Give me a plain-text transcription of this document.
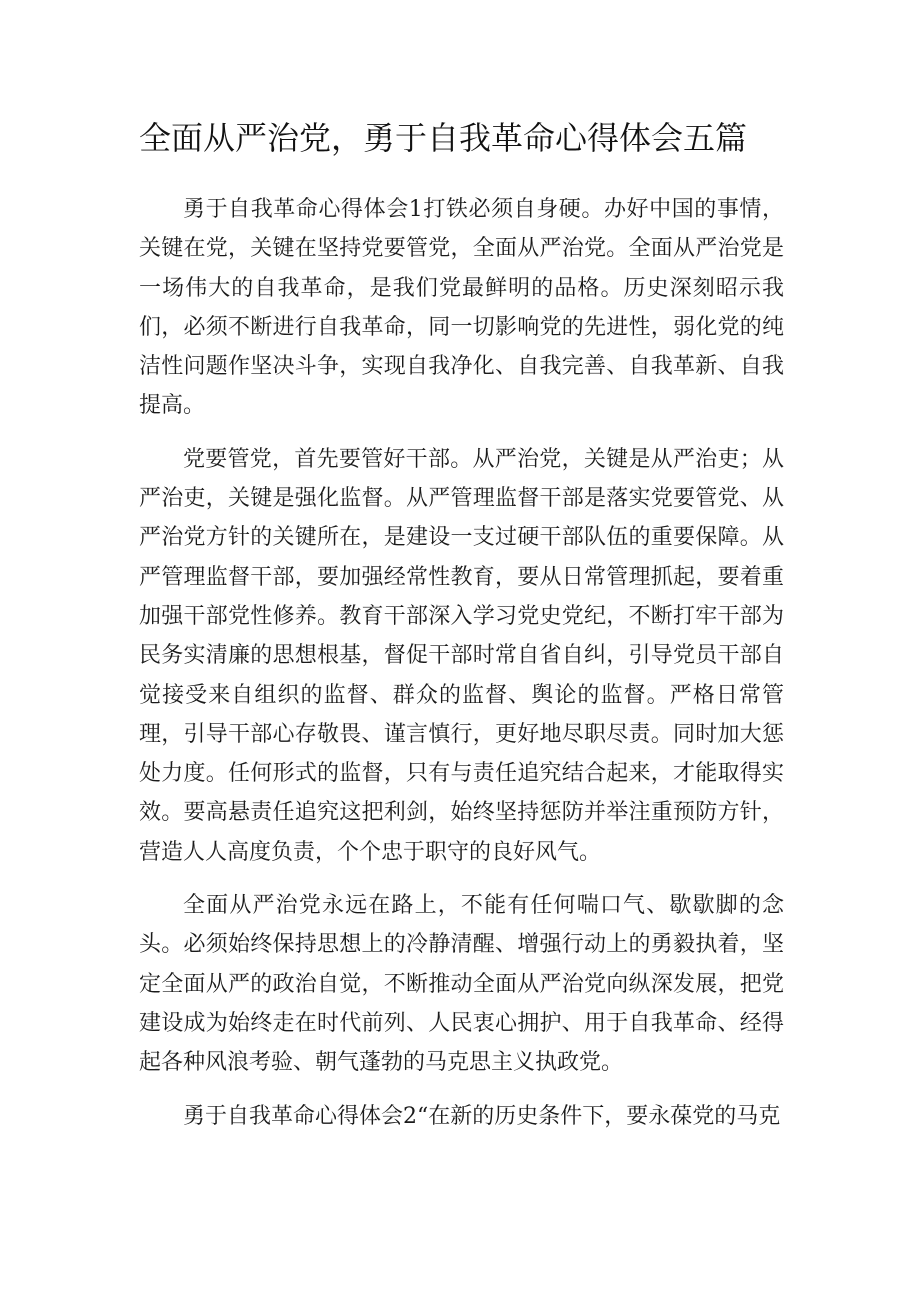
全面从严治党，勇于自我革命心得体会五篇

勇于自我革命心得体会1打铁必须自身硬。办好中国的事情，关键在党，关键在坚持党要管党，全面从严治党。全面从严治党是一场伟大的自我革命，是我们党最鲜明的品格。历史深刻昭示我们，必须不断进行自我革命，同一切影响党的先进性，弱化党的纯洁性问题作坚决斗争，实现自我净化、自我完善、自我革新、自我提高。

党要管党，首先要管好干部。从严治党，关键是从严治吏；从严治吏，关键是强化监督。从严管理监督干部是落实党要管党、从严治党方针的关键所在，是建设一支过硬干部队伍的重要保障。从严管理监督干部，要加强经常性教育，要从日常管理抓起，要着重加强干部党性修养。教育干部深入学习党史党纪，不断打牢干部为民务实清廉的思想根基，督促干部时常自省自纠，引导党员干部自觉接受来自组织的监督、群众的监督、舆论的监督。严格日常管理，引导干部心存敬畏、谨言慎行，更好地尽职尽责。同时加大惩处力度。任何形式的监督，只有与责任追究结合起来，才能取得实效。要高悬责任追究这把利剑，始终坚持惩防并举注重预防方针，营造人人高度负责，个个忠于职守的良好风气。

全面从严治党永远在路上，不能有任何喘口气、歇歇脚的念头。必须始终保持思想上的冷静清醒、增强行动上的勇毅执着，坚定全面从严的政治自觉，不断推动全面从严治党向纵深发展，把党建设成为始终走在时代前列、人民衷心拥护、用于自我革命、经得起各种风浪考验、朝气蓬勃的马克思主义执政党。

勇于自我革命心得体会2“在新的历史条件下，要永葆党的马克
